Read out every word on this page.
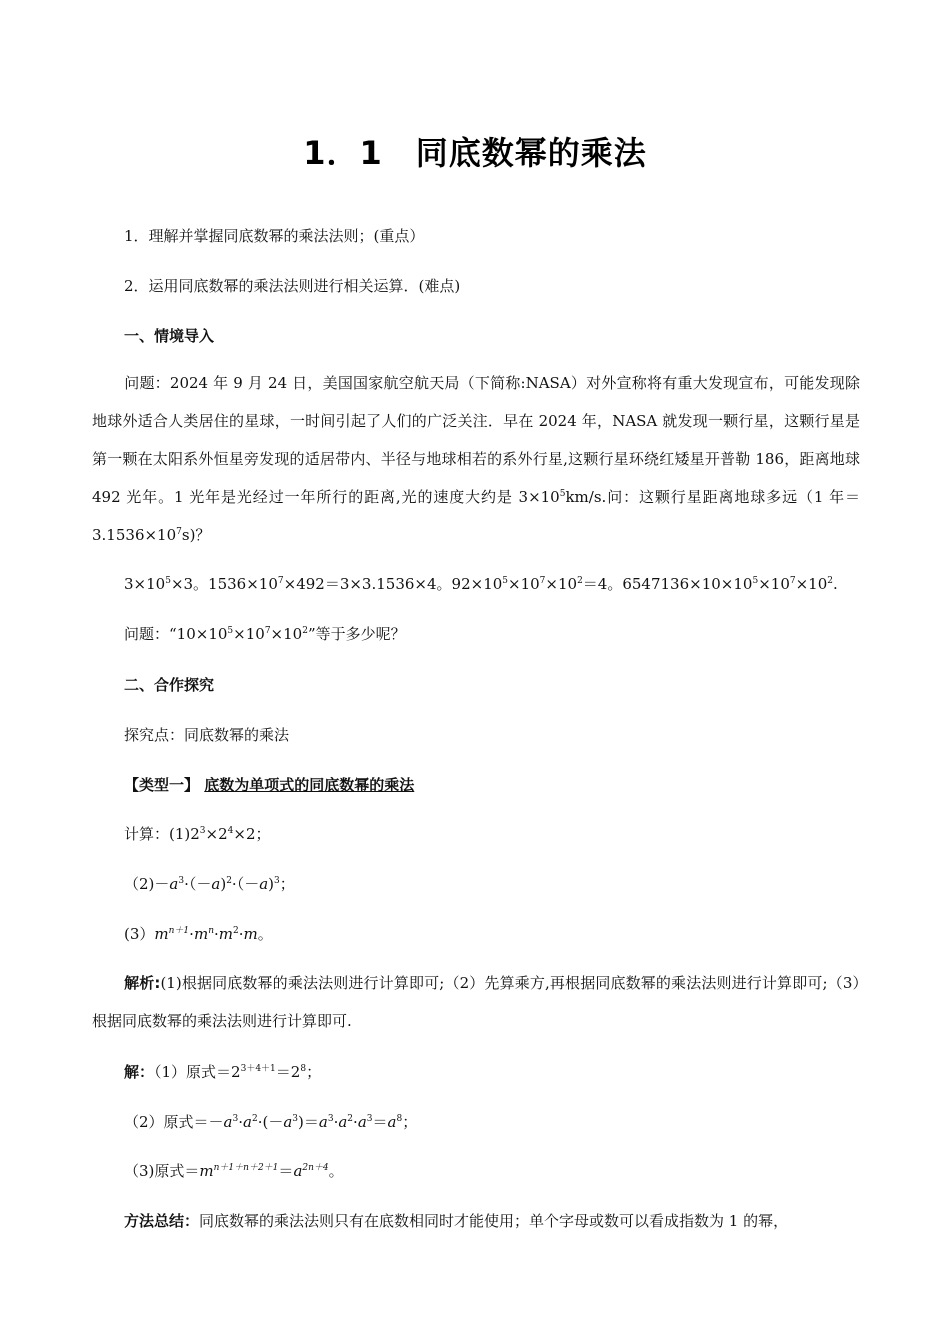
1．1　同底数幂的乘法
1．理解并掌握同底数幂的乘法法则；(重点）
2．运用同底数幂的乘法法则进行相关运算．(难点)
一、情境导入
问题：2024 年 9 月 24 日，美国国家航空航天局（下简称:NASA）对外宣称将有重大发现宣布，可能发现除地球外适合人类居住的星球，一时间引起了人们的广泛关注．早在 2024 年，NASA 就发现一颗行星，这颗行星是第一颗在太阳系外恒星旁发现的适居带内、半径与地球相若的系外行星,这颗行星环绕红矮星开普勒 186，距离地球 492 光年。1 光年是光经过一年所行的距离,光的速度大约是 $3\times 10^5km/s$.问：这颗行星距离地球多远（1 年$=3.1536\times 10^7s$)？
$3\times 10^5\times 3$。$1536\times 10^7\times 492=3\times 3.1536\times 4$。$92\times 10^5\times 10^7\times 10^2=4$。$6547136\times 10\times 10^5\times 10^7\times 10^2$.
问题：“$10\times 10^5\times 10^7\times 10^2$”等于多少呢？
二、合作探究
探究点：同底数幂的乘法
【类型一】 底数为单项式的同底数幂的乘法
计算：$(1)2^3\times 2^4\times 2$；
$(2)-a^3\cdot(-a)^2\cdot(-a)^3$；
$(3)m^{n+1}\cdot m^n\cdot m^2\cdot m$。
解析:(1)根据同底数幂的乘法法则进行计算即可;（2）先算乘方,再根据同底数幂的乘法法则进行计算即可;（3）根据同底数幂的乘法法则进行计算即可.
解：（1）原式$=2^{3+4+1}=2^8$；
（2）原式$=-a^3\cdot a^2\cdot(-a^3)=a^3\cdot a^2\cdot a^3=a^8$；
（3)原式$=m^{n+1+n+2+1}=a^{2n+4}$。
方法总结：同底数幂的乘法法则只有在底数相同时才能使用；单个字母或数可以看成指数为 1 的幂，
